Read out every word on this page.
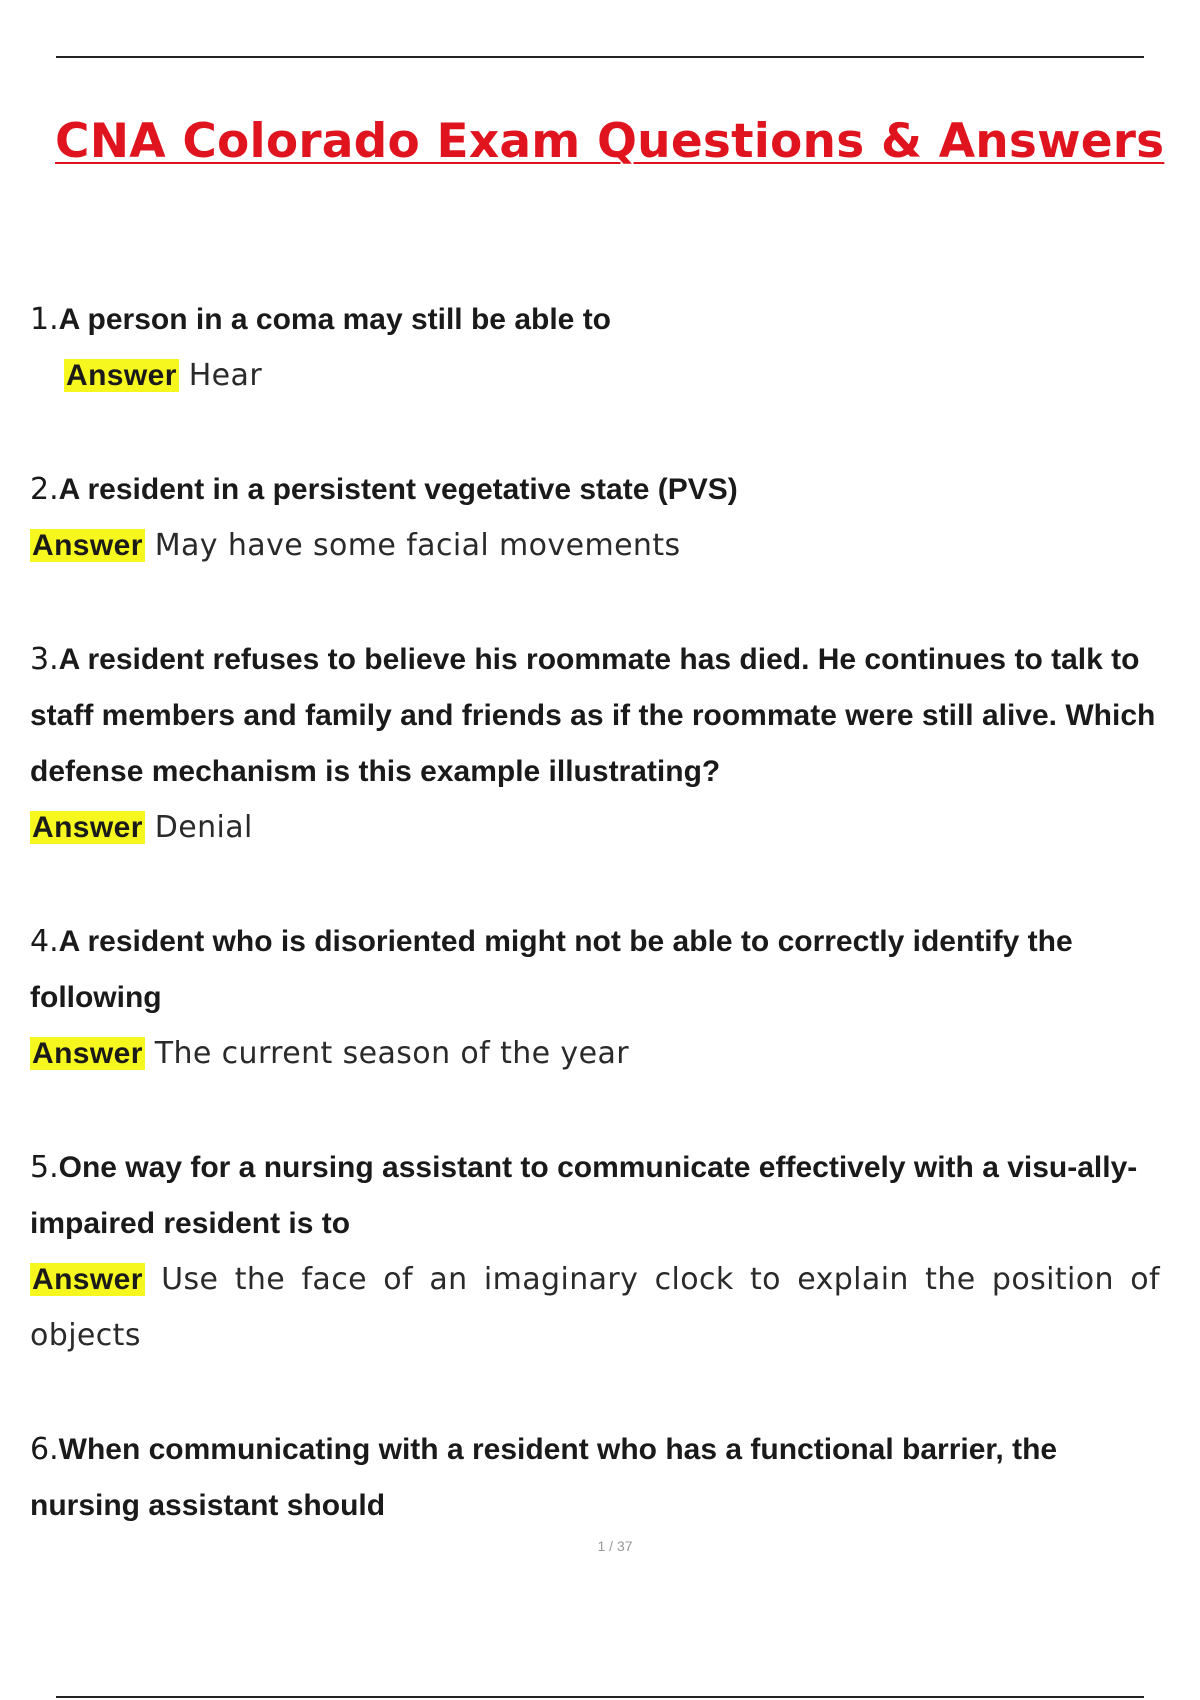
CNA Colorado Exam Questions & Answers
1.A person in a coma may still be able to
Answer Hear
2.A resident in a persistent vegetative state (PVS)
Answer May have some facial movements
3.A resident refuses to believe his roommate has died. He continues to talk to staff members and family and friends as if the roommate were still alive. Which defense mechanism is this example illustrating?
Answer Denial
4.A resident who is disoriented might not be able to correctly identify the following
Answer The current season of the year
5.One way for a nursing assistant to communicate effectively with a visu-ally-impaired resident is to
Answer Use the face of an imaginary clock to explain the position of objects
6.When communicating with a resident who has a functional barrier, the nursing assistant should
1 / 37
